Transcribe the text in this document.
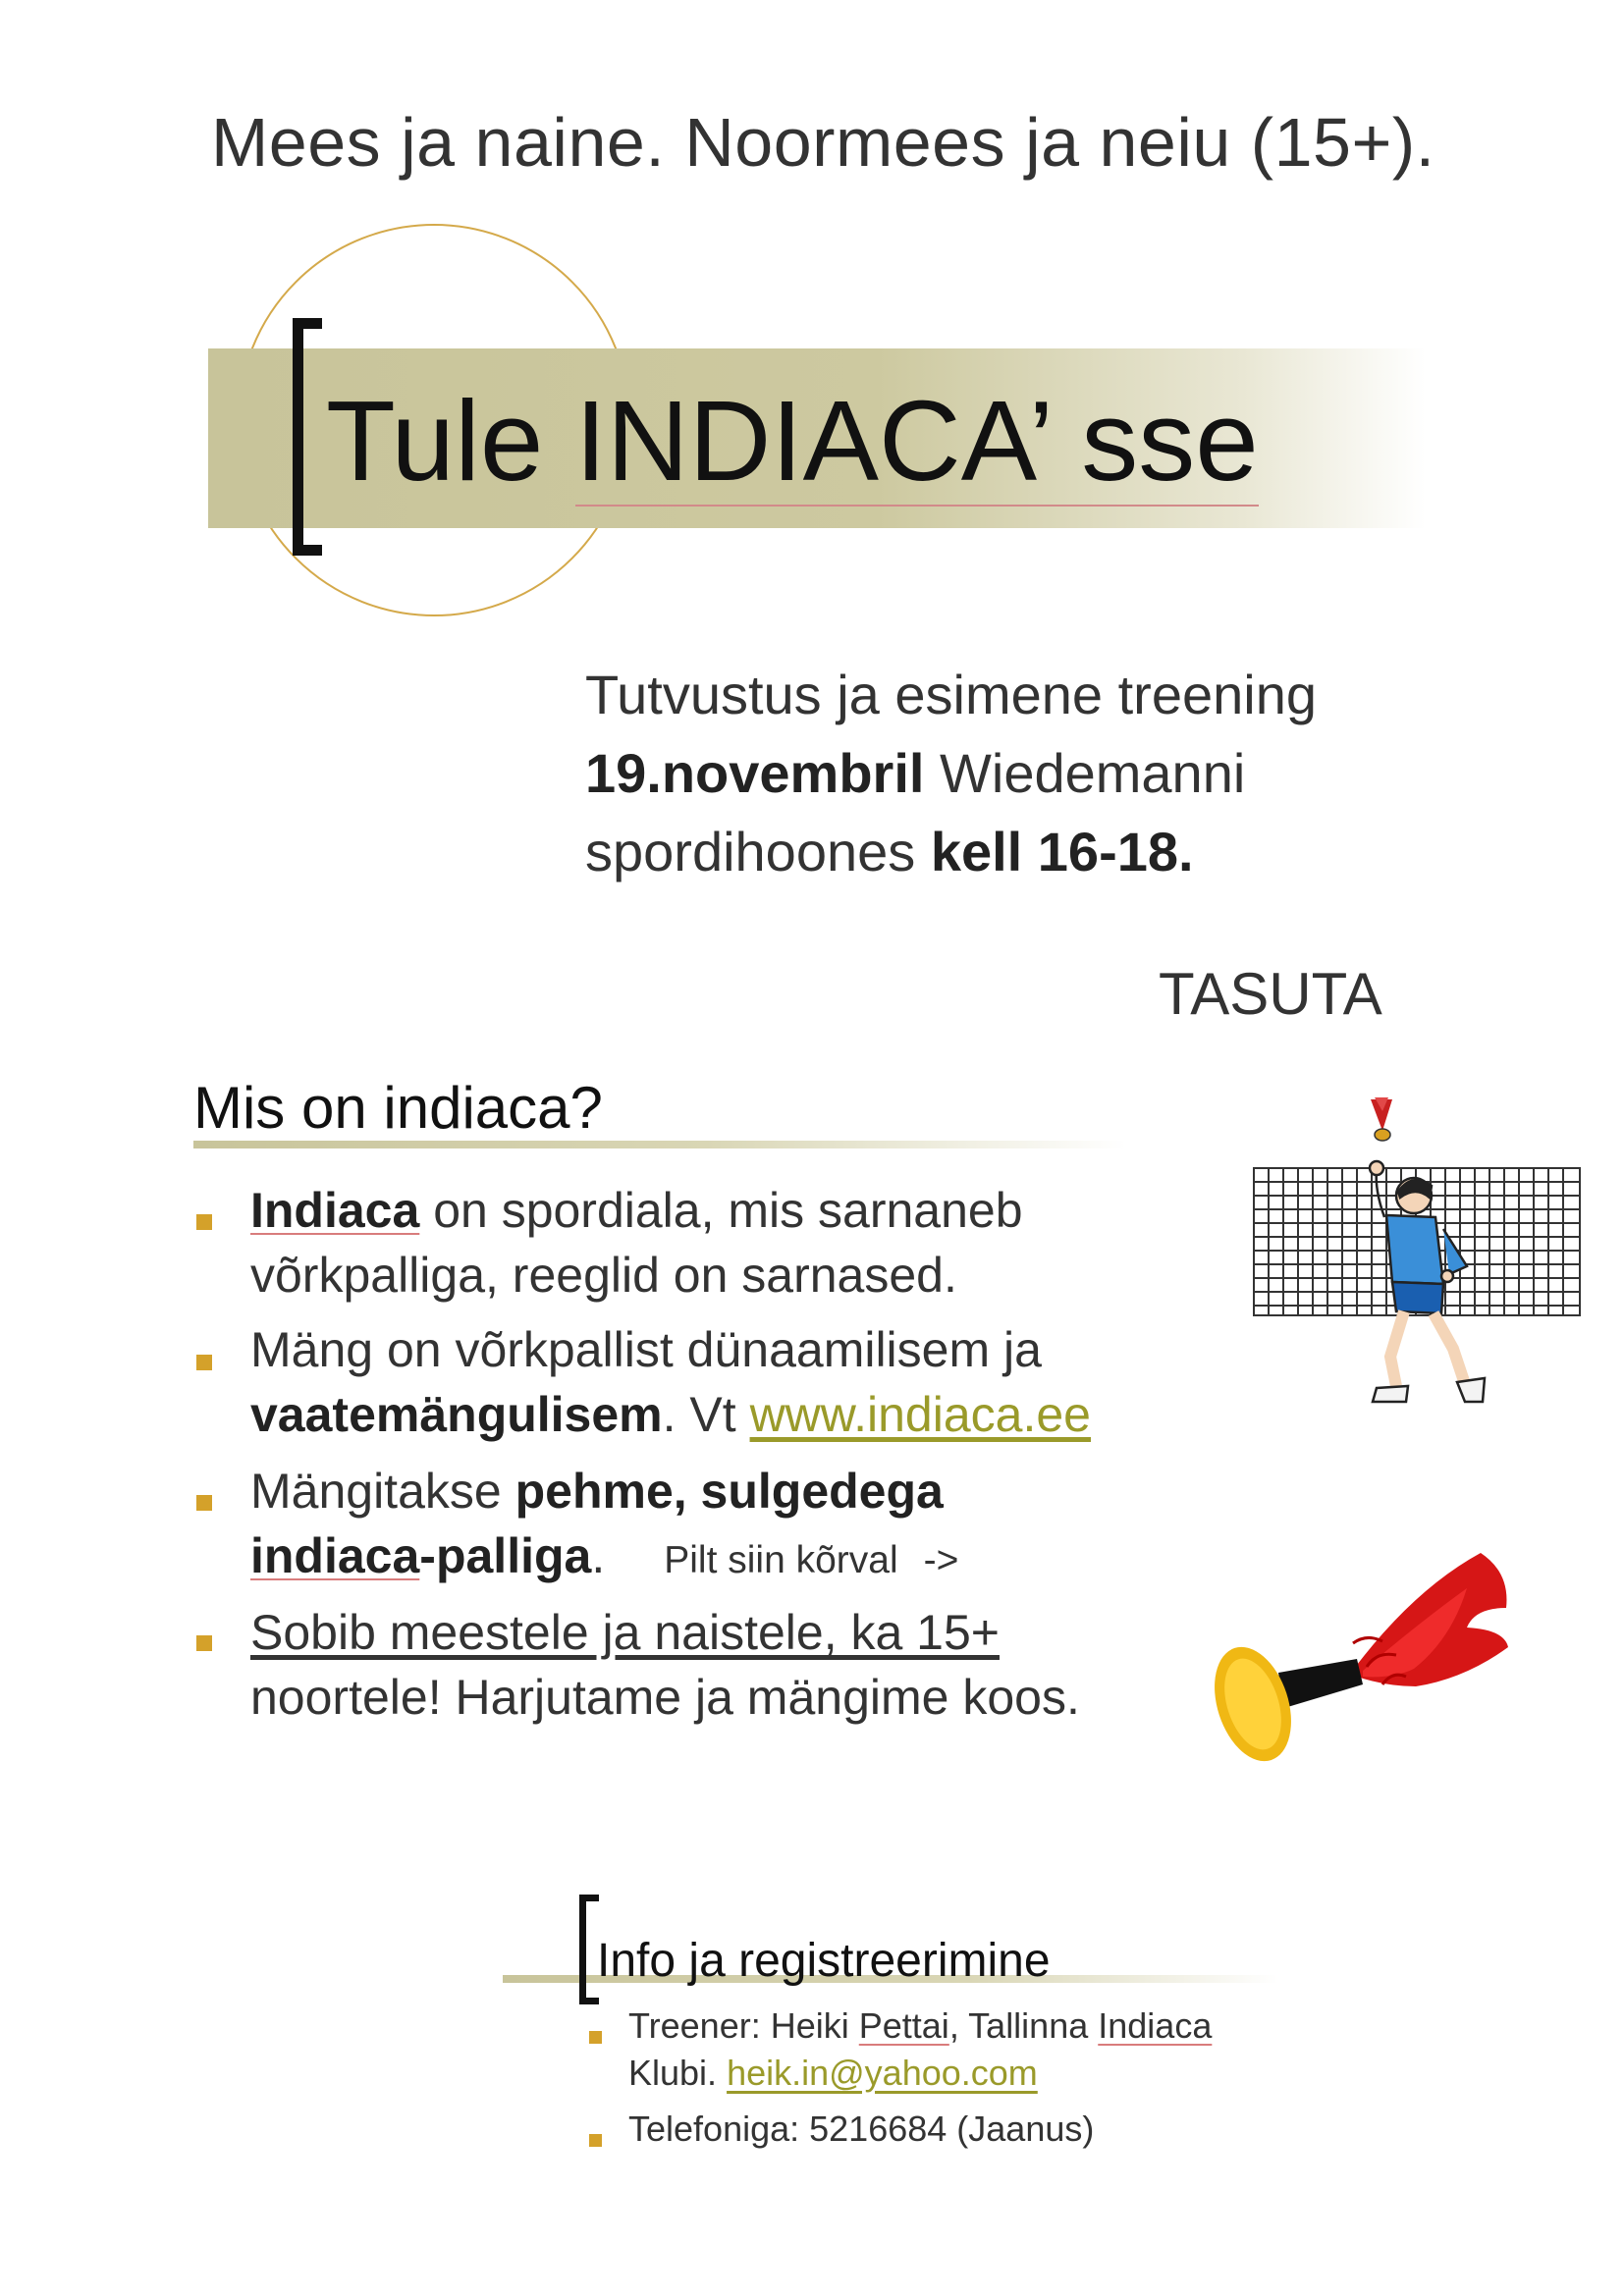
Mees ja naine. Noormees ja neiu (15+).
Tule INDIACA’ sse
Tutvustus ja esimene treening
19.novembril Wiedemanni
spordihoones kell 16-18.
TASUTA
Mis on indiaca?
Indiaca on spordiala, mis sarnaneb
võrkpalliga, reeglid on sarnased.
Mäng on võrkpallist dünaamilisem ja
vaatemängulisem. Vt www.indiaca.ee
Mängitakse pehme, sulgedega
indiaca-palliga. Pilt siin kõrval ->
Sobib meestele ja naistele, ka 15+
noortele! Harjutame ja mängime koos.
Info ja registreerimine
Treener: Heiki Pettai, Tallinna Indiaca
Klubi. heik.in@yahoo.com
Telefoniga: 5216684 (Jaanus)
